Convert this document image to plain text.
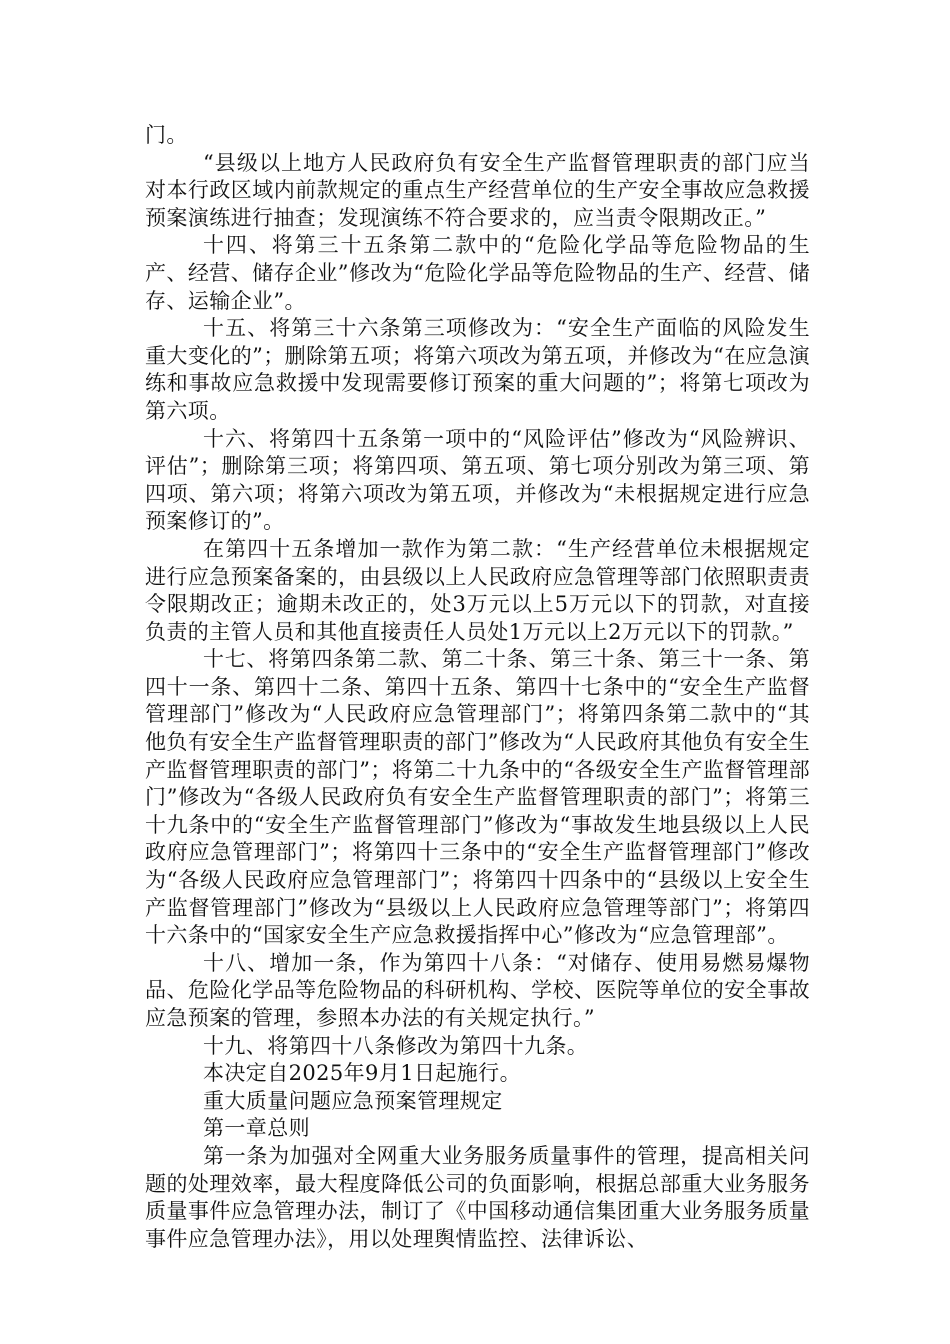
门。

“县级以上地方人民政府负有安全生产监督管理职责的部门应当对本行政区域内前款规定的重点生产经营单位的生产安全事故应急救援预案演练进行抽查；发现演练不符合要求的，应当责令限期改正。”

十四、将第三十五条第二款中的“危险化学品等危险物品的生产、经营、储存企业”修改为“危险化学品等危险物品的生产、经营、储存、运输企业”。

十五、将第三十六条第三项修改为：“安全生产面临的风险发生重大变化的”；删除第五项；将第六项改为第五项，并修改为“在应急演练和事故应急救援中发现需要修订预案的重大问题的”；将第七项改为第六项。

十六、将第四十五条第一项中的“风险评估”修改为“风险辨识、评估”；删除第三项；将第四项、第五项、第七项分别改为第三项、第四项、第六项；将第六项改为第五项，并修改为“未根据规定进行应急预案修订的”。

在第四十五条增加一款作为第二款：“生产经营单位未根据规定进行应急预案备案的，由县级以上人民政府应急管理等部门依照职责责令限期改正；逾期未改正的，处3万元以上5万元以下的罚款，对直接负责的主管人员和其他直接责任人员处1万元以上2万元以下的罚款。”

十七、将第四条第二款、第二十条、第三十条、第三十一条、第四十一条、第四十二条、第四十五条、第四十七条中的“安全生产监督管理部门”修改为“人民政府应急管理部门”；将第四条第二款中的“其他负有安全生产监督管理职责的部门”修改为“人民政府其他负有安全生产监督管理职责的部门”；将第二十九条中的“各级安全生产监督管理部门”修改为“各级人民政府负有安全生产监督管理职责的部门”；将第三十九条中的“安全生产监督管理部门”修改为“事故发生地县级以上人民政府应急管理部门”；将第四十三条中的“安全生产监督管理部门”修改为“各级人民政府应急管理部门”；将第四十四条中的“县级以上安全生产监督管理部门”修改为“县级以上人民政府应急管理等部门”；将第四十六条中的“国家安全生产应急救援指挥中心”修改为“应急管理部”。

十八、增加一条，作为第四十八条：“对储存、使用易燃易爆物品、危险化学品等危险物品的科研机构、学校、医院等单位的安全事故应急预案的管理，参照本办法的有关规定执行。”

十九、将第四十八条修改为第四十九条。

本决定自2025年9月1日起施行。

重大质量问题应急预案管理规定

第一章总则

第一条为加强对全网重大业务服务质量事件的管理，提高相关问题的处理效率，最大程度降低公司的负面影响，根据总部重大业务服务质量事件应急管理办法，制订了《中国移动通信集团重大业务服务质量事件应急管理办法》，用以处理舆情监控、法律诉讼、
